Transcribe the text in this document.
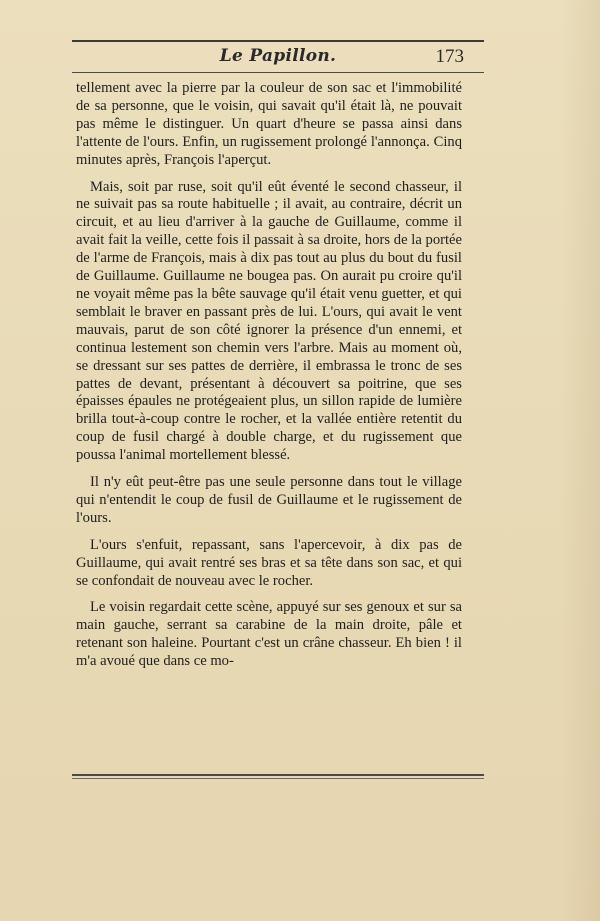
Le Papillon.	173

tellement avec la pierre par la couleur de son sac et l'immobilité de sa personne, que le voisin, qui savait qu'il était là, ne pouvait pas même le distinguer. Un quart d'heure se passa ainsi dans l'attente de l'ours. Enfin, un rugissement prolongé l'annonça. Cinq minutes après, François l'aperçut.

Mais, soit par ruse, soit qu'il eût éventé le second chasseur, il ne suivait pas sa route habituelle ; il avait, au contraire, décrit un circuit, et au lieu d'arriver à la gauche de Guillaume, comme il avait fait la veille, cette fois il passait à sa droite, hors de la portée de l'arme de François, mais à dix pas tout au plus du bout du fusil de Guillaume. Guillaume ne bougea pas. On aurait pu croire qu'il ne voyait même pas la bête sauvage qu'il était venu guetter, et qui semblait le braver en passant près de lui. L'ours, qui avait le vent mauvais, parut de son côté ignorer la présence d'un ennemi, et continua lestement son chemin vers l'arbre. Mais au moment où, se dressant sur ses pattes de derrière, il embrassa le tronc de ses pattes de devant, présentant à découvert sa poitrine, que ses épaisses épaules ne protégeaient plus, un sillon rapide de lumière brilla tout-à-coup contre le rocher, et la vallée entière retentit du coup de fusil chargé à double charge, et du rugissement que poussa l'animal mortellement blessé.

Il n'y eût peut-être pas une seule personne dans tout le village qui n'entendit le coup de fusil de Guillaume et le rugissement de l'ours.

L'ours s'enfuit, repassant, sans l'apercevoir, à dix pas de Guillaume, qui avait rentré ses bras et sa tête dans son sac, et qui se confondait de nouveau avec le rocher.

Le voisin regardait cette scène, appuyé sur ses genoux et sur sa main gauche, serrant sa carabine de la main droite, pâle et retenant son haleine. Pourtant c'est un crâne chasseur. Eh bien ! il m'a avoué que dans ce mo-
